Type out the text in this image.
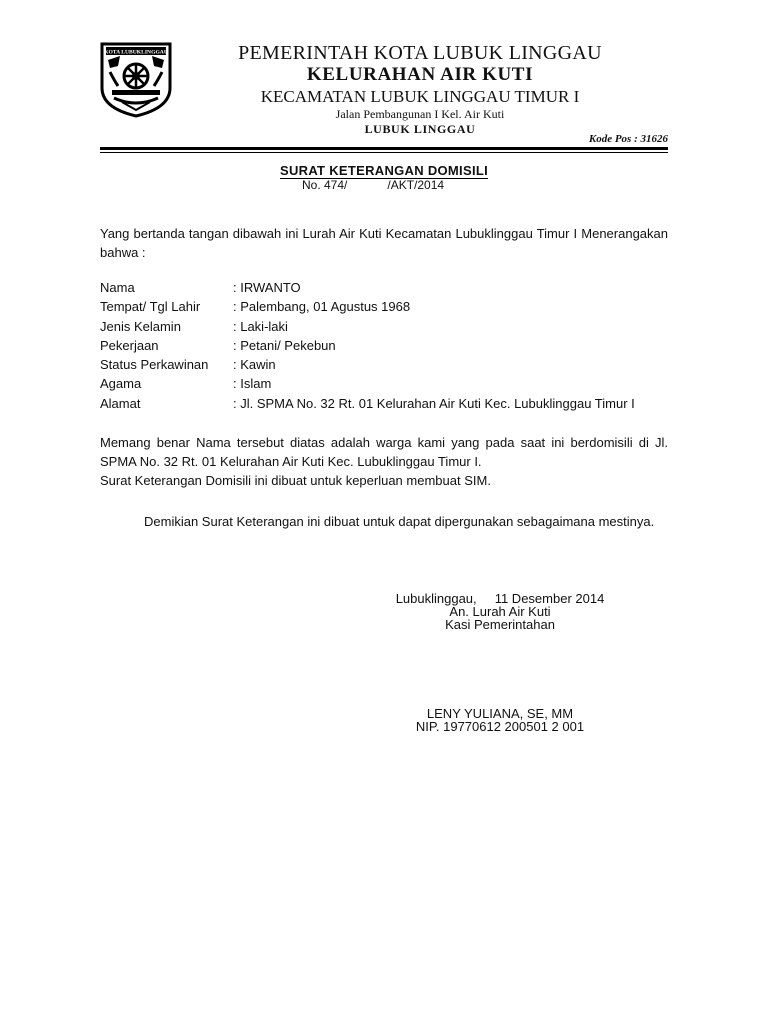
KOTA LUBUKLINGGAU	PEMERINTAH KOTA LUBUK LINGGAU
KELURAHAN AIR KUTI
KECAMATAN LUBUK LINGGAU TIMUR I
Jalan Pembangunan I Kel. Air Kuti
LUBUK LINGGAU
Kode Pos : 31626
SURAT KETERANGAN DOMISILI
No. 474/            /AKT/2014
Yang bertanda tangan dibawah ini Lurah Air Kuti Kecamatan Lubuklinggau Timur I Menerangakan bahwa :
Nama	: IRWANTO
Tempat/ Tgl Lahir	: Palembang, 01 Agustus 1968
Jenis Kelamin	: Laki-laki
Pekerjaan	: Petani/ Pekebun
Status Perkawinan	: Kawin
Agama	: Islam
Alamat	: Jl. SPMA No. 32 Rt. 01 Kelurahan Air Kuti Kec. Lubuklinggau Timur I
Memang benar Nama tersebut diatas adalah warga kami yang pada saat ini berdomisili di Jl. SPMA No. 32 Rt. 01 Kelurahan Air Kuti Kec. Lubuklinggau Timur I.
Surat Keterangan Domisili ini dibuat untuk keperluan membuat SIM.
Demikian Surat Keterangan ini dibuat untuk dapat dipergunakan sebagaimana mestinya.
Lubuklinggau,     11 Desember 2014
An. Lurah Air Kuti
Kasi Pemerintahan
LENY YULIANA, SE, MM
NIP. 19770612 200501 2 001
